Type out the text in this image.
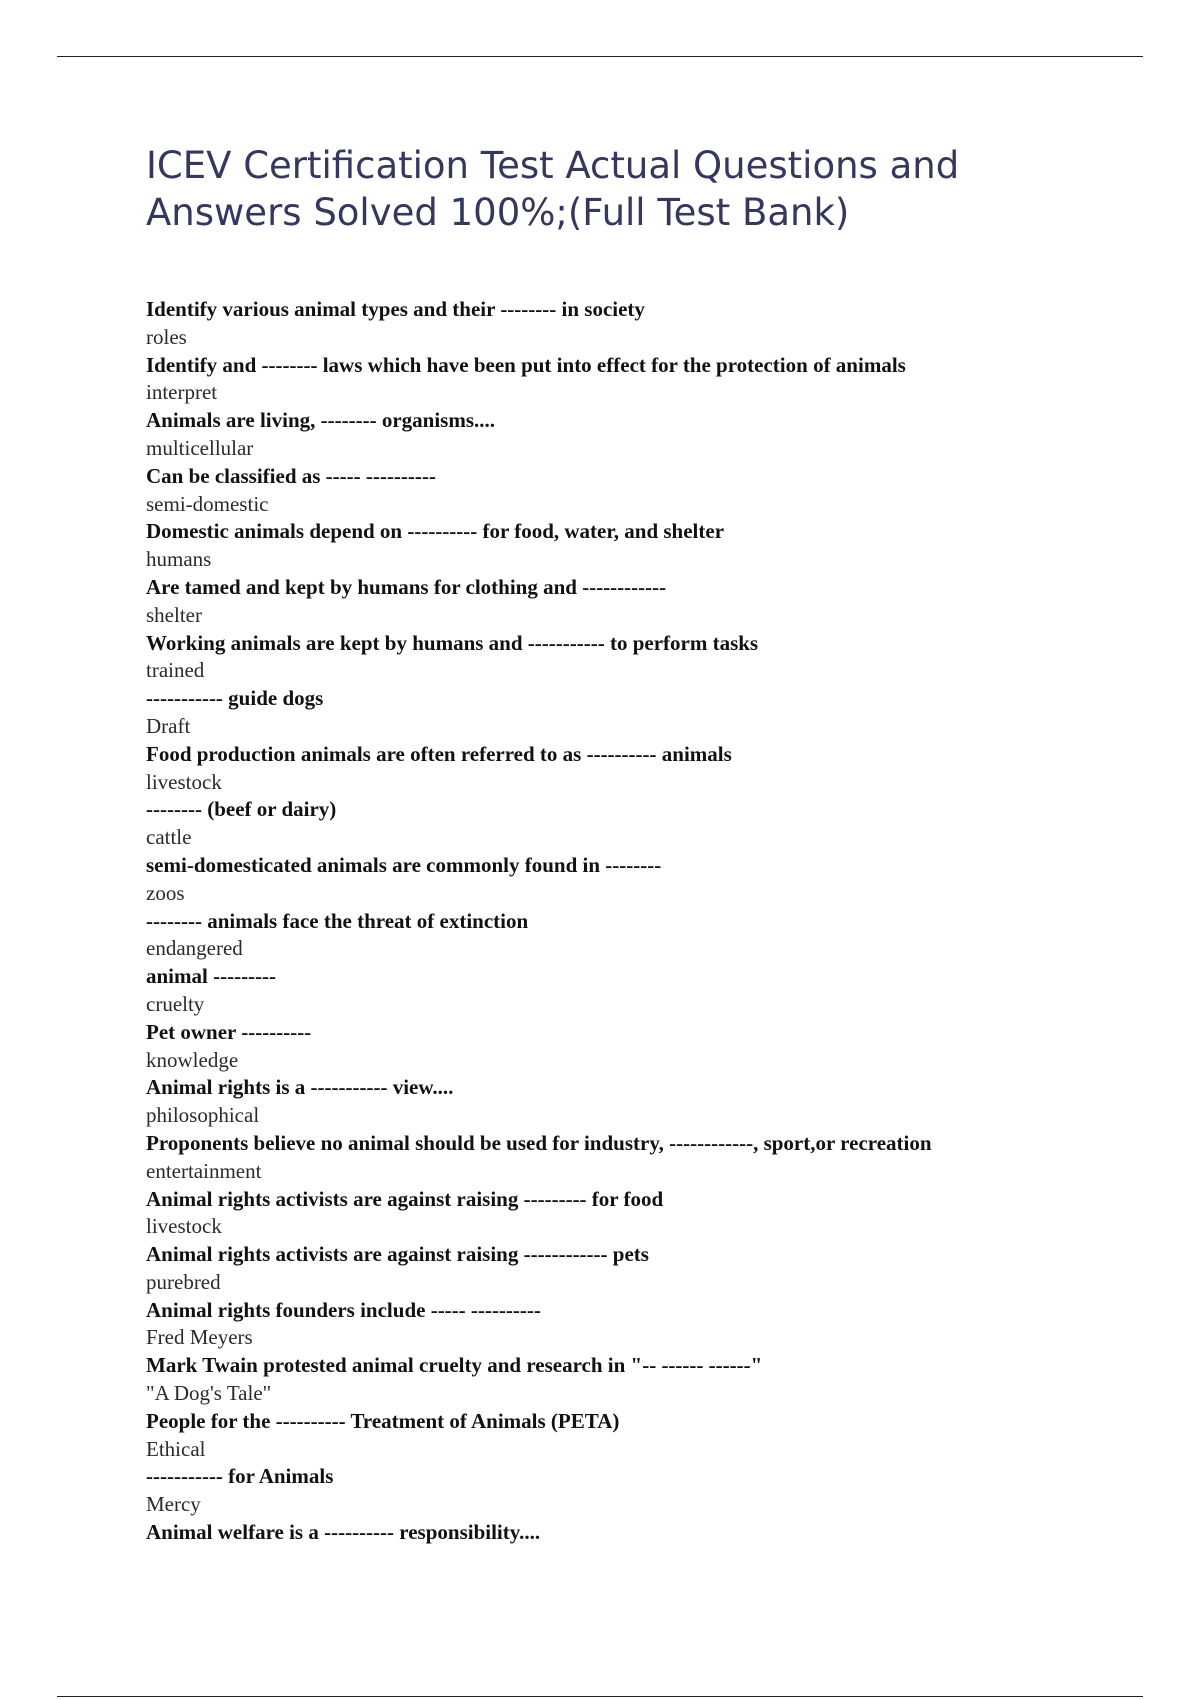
ICEV Certification Test Actual Questions and Answers Solved 100%;(Full Test Bank)
Identify various animal types and their -------- in society
roles
Identify and -------- laws which have been put into effect for the protection of animals
interpret
Animals are living, -------- organisms....
multicellular
Can be classified as ----- ----------
semi-domestic
Domestic animals depend on ---------- for food, water, and shelter
humans
Are tamed and kept by humans for clothing and ------------
shelter
Working animals are kept by humans and ----------- to perform tasks
trained
----------- guide dogs
Draft
Food production animals are often referred to as ---------- animals
livestock
-------- (beef or dairy)
cattle
semi-domesticated animals are commonly found in --------
zoos
-------- animals face the threat of extinction
endangered
animal ---------
cruelty
Pet owner ----------
knowledge
Animal rights is a ----------- view....
philosophical
Proponents believe no animal should be used for industry, ------------, sport,or recreation
entertainment
Animal rights activists are against raising --------- for food
livestock
Animal rights activists are against raising ------------ pets
purebred
Animal rights founders include ----- ----------
Fred Meyers
Mark Twain protested animal cruelty and research in "-- ------ ------"
"A Dog's Tale"
People for the ---------- Treatment of Animals (PETA)
Ethical
----------- for Animals
Mercy
Animal welfare is a ---------- responsibility....
